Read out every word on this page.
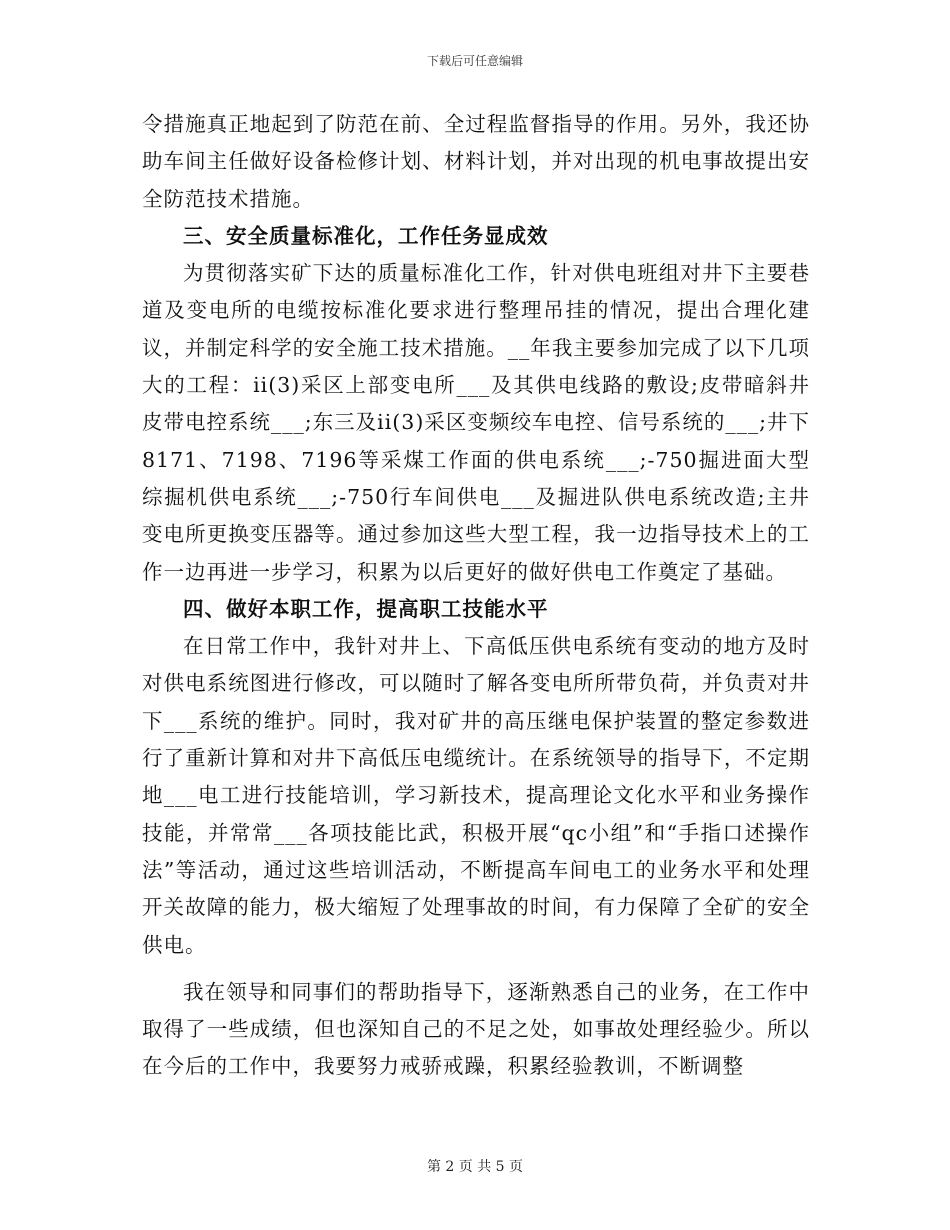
下载后可任意编辑

令措施真正地起到了防范在前、全过程监督指导的作用。另外，我还协助车间主任做好设备检修计划、材料计划，并对出现的机电事故提出安全防范技术措施。

三、安全质量标准化，工作任务显成效

为贯彻落实矿下达的质量标准化工作，针对供电班组对井下主要巷道及变电所的电缆按标准化要求进行整理吊挂的情况，提出合理化建议，并制定科学的安全施工技术措施。__年我主要参加完成了以下几项大的工程：ii(3)采区上部变电所___及其供电线路的敷设;皮带暗斜井皮带电控系统___;东三及ii(3)采区变频绞车电控、信号系统的___;井下8171、7198、7196等采煤工作面的供电系统___;-750掘进面大型综掘机供电系统___;-750行车间供电___及掘进队供电系统改造;主井变电所更换变压器等。通过参加这些大型工程，我一边指导技术上的工作一边再进一步学习，积累为以后更好的做好供电工作奠定了基础。

四、做好本职工作，提高职工技能水平

在日常工作中，我针对井上、下高低压供电系统有变动的地方及时对供电系统图进行修改，可以随时了解各变电所所带负荷，并负责对井下___系统的维护。同时，我对矿井的高压继电保护装置的整定参数进行了重新计算和对井下高低压电缆统计。在系统领导的指导下，不定期地___电工进行技能培训，学习新技术，提高理论文化水平和业务操作技能，并常常___各项技能比武，积极开展“qc小组”和“手指口述操作法”等活动，通过这些培训活动，不断提高车间电工的业务水平和处理开关故障的能力，极大缩短了处理事故的时间，有力保障了全矿的安全供电。

我在领导和同事们的帮助指导下，逐渐熟悉自己的业务，在工作中取得了一些成绩，但也深知自己的不足之处，如事故处理经验少。所以在今后的工作中，我要努力戒骄戒躁，积累经验教训，不断调整

第 2 页 共 5 页
